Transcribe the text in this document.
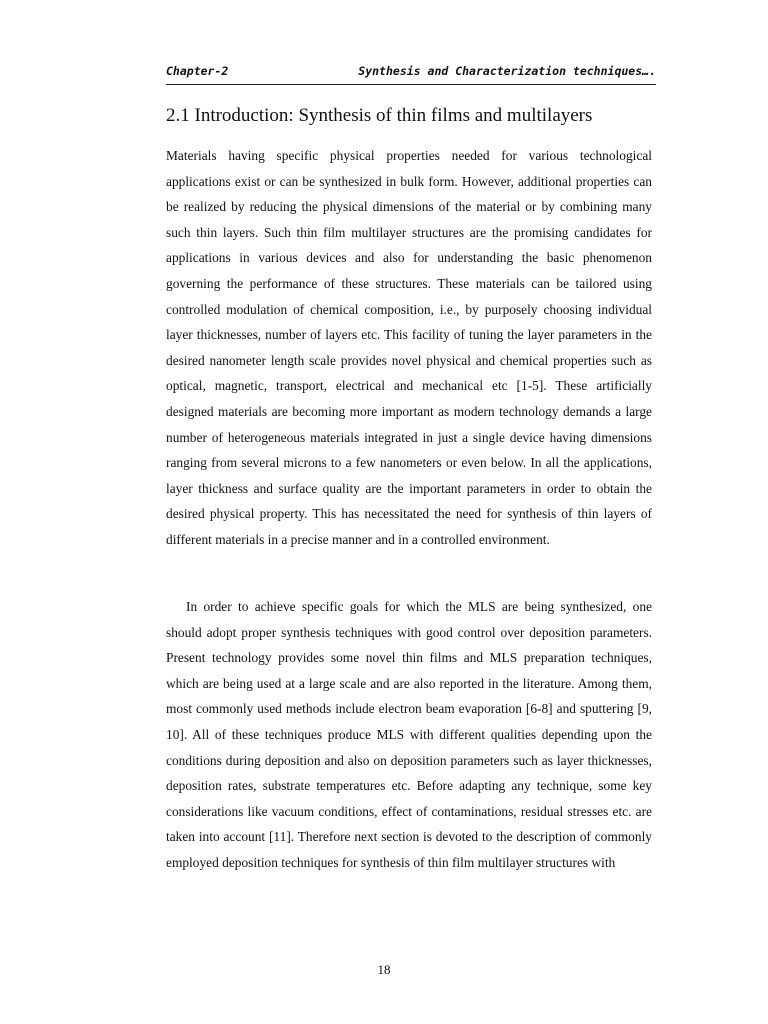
Chapter-2	Synthesis and Characterization techniques….
2.1 Introduction: Synthesis of thin films and multilayers

Materials having specific physical properties needed for various technological applications exist or can be synthesized in bulk form. However, additional properties can be realized by reducing the physical dimensions of the material or by combining many such thin layers. Such thin film multilayer structures are the promising candidates for applications in various devices and also for understanding the basic phenomenon governing the performance of these structures. These materials can be tailored using controlled modulation of chemical composition, i.e., by purposely choosing individual layer thicknesses, number of layers etc. This facility of tuning the layer parameters in the desired nanometer length scale provides novel physical and chemical properties such as optical, magnetic, transport, electrical and mechanical etc [1-5]. These artificially designed materials are becoming more important as modern technology demands a large number of heterogeneous materials integrated in just a single device having dimensions ranging from several microns to a few nanometers or even below. In all the applications, layer thickness and surface quality are the important parameters in order to obtain the desired physical property. This has necessitated the need for synthesis of thin layers of different materials in a precise manner and in a controlled environment.

In order to achieve specific goals for which the MLS are being synthesized, one should adopt proper synthesis techniques with good control over deposition parameters. Present technology provides some novel thin films and MLS preparation techniques, which are being used at a large scale and are also reported in the literature. Among them, most commonly used methods include electron beam evaporation [6-8] and sputtering [9, 10]. All of these techniques produce MLS with different qualities depending upon the conditions during deposition and also on deposition parameters such as layer thicknesses, deposition rates, substrate temperatures etc. Before adapting any technique, some key considerations like vacuum conditions, effect of contaminations, residual stresses etc. are taken into account [11]. Therefore next section is devoted to the description of commonly employed deposition techniques for synthesis of thin film multilayer structures with

18
